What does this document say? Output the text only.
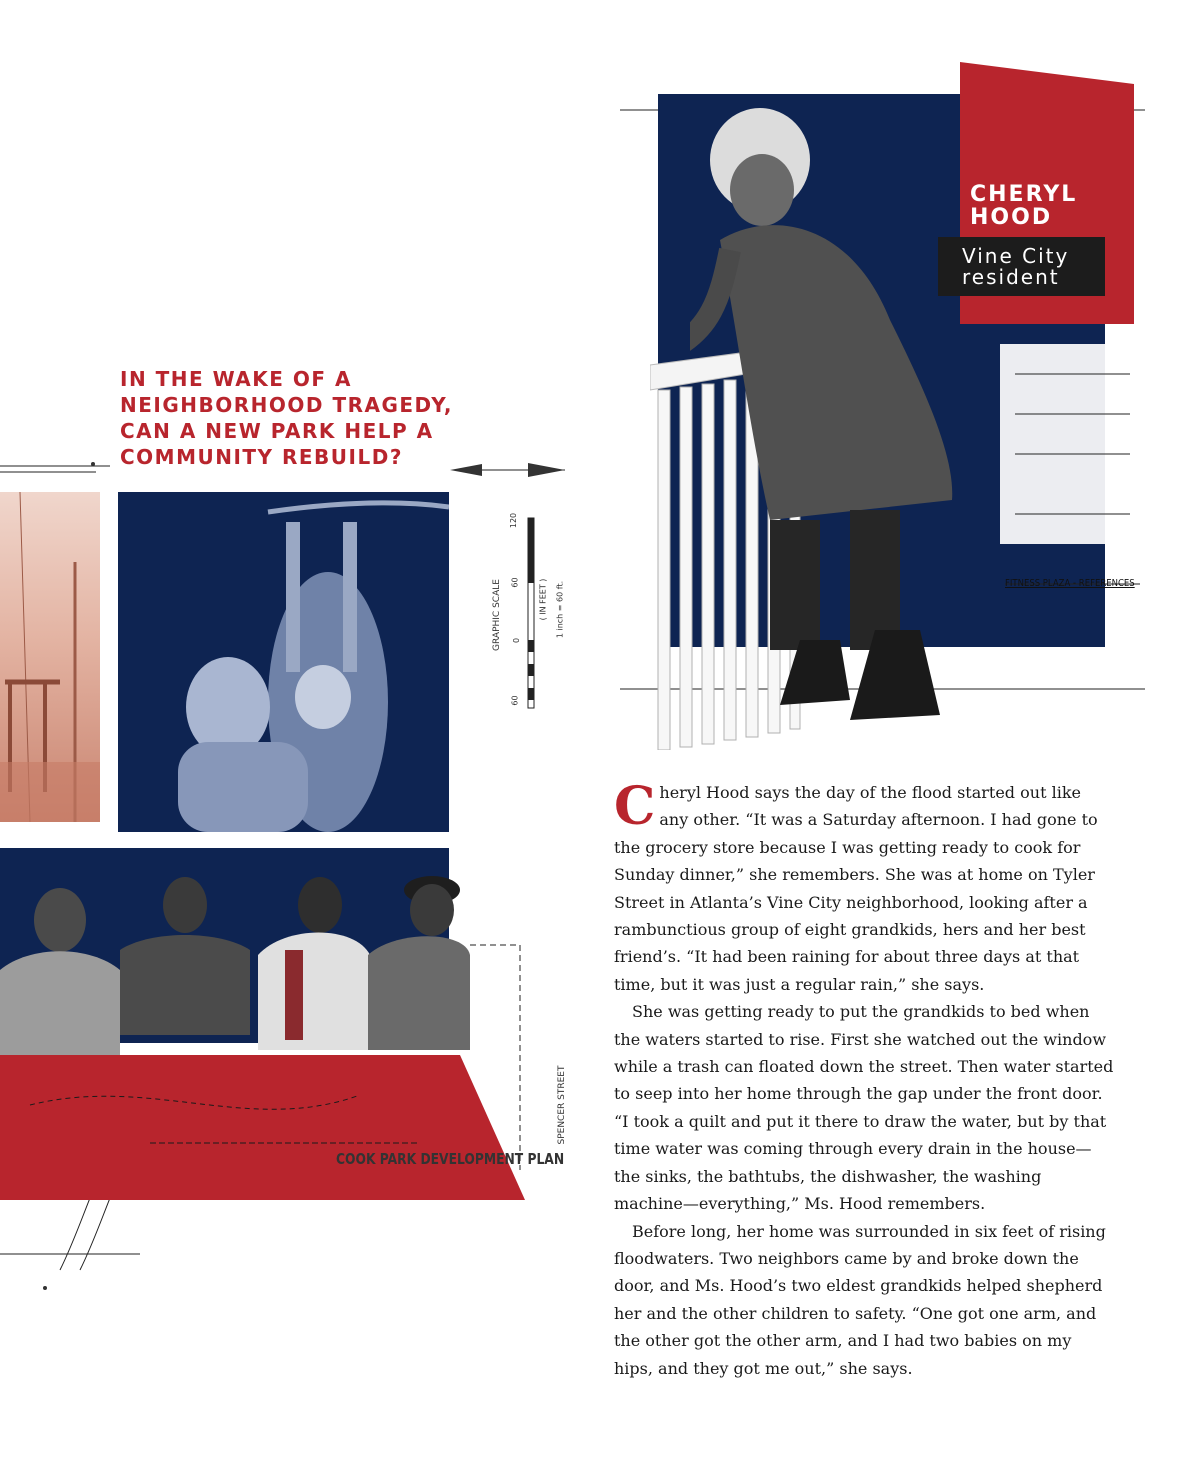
IN THE WAKE OF A
NEIGHBORHOOD TRAGEDY,
CAN A NEW PARK HELP A
COMMUNITY REBUILD?
GRAPHIC SCALE	( IN FEET ) 1 inch = 60 ft.
120
60
0
60
COOK PARK DEVELOPMENT PLAN
SPENCER STREET
FITNESS PLAZA - REFERENCES
CHERYL
HOOD
Vine City
resident

Cheryl Hood says the day of the flood started out like any other. “It was a Saturday afternoon. I had gone to the grocery store because I was getting ready to cook for Sunday dinner,” she remembers. She was at home on Tyler Street in Atlanta’s Vine City neighborhood, looking after a rambunctious group of eight grandkids, hers and her best friend’s. “It had been raining for about three days at that time, but it was just a regular rain,” she says.

She was getting ready to put the grandkids to bed when the waters started to rise. First she watched out the window while a trash can floated down the street. Then water started to seep into her home through the gap under the front door. “I took a quilt and put it there to draw the water, but by that time water was coming through every drain in the house—the sinks, the bathtubs, the dishwasher, the washing machine—everything,” Ms. Hood remembers.

Before long, her home was surrounded in six feet of rising floodwaters. Two neighbors came by and broke down the door, and Ms. Hood’s two eldest grandkids helped shepherd her and the other children to safety. “One got one arm, and the other got the other arm, and I had two babies on my hips, and they got me out,” she says.
